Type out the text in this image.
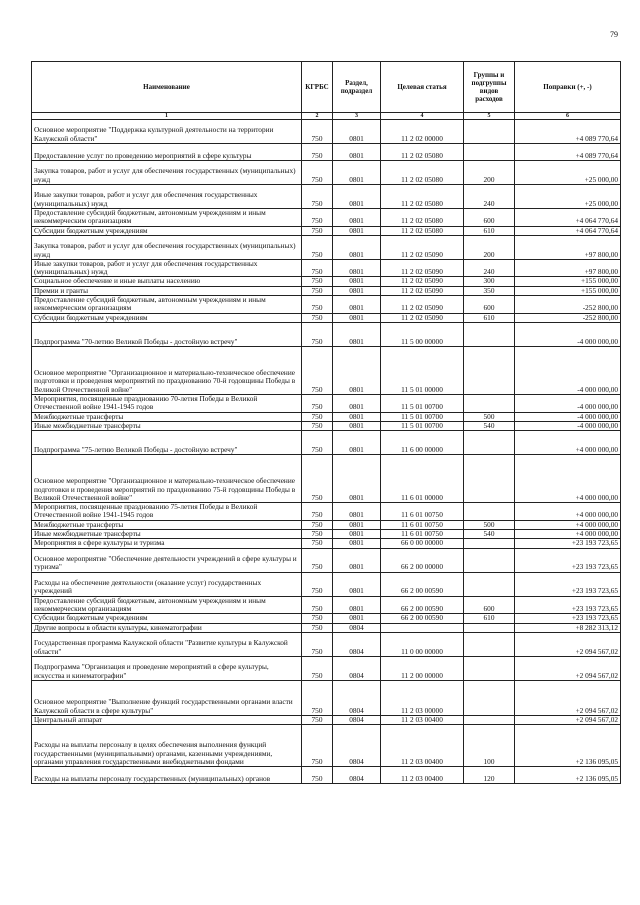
79
Наименование	КГРБС	Раздел, подраздел	Целевая статья	Группы и подгруппы видов расходов	Поправки (+, -)
1	2	3	4	5	6
Основное мероприятие "Поддержка культурной деятельности на территории Калужской области"	750	0801	11 2 02 00000		+4 089 770,64
Предоставление услуг по проведению мероприятий в сфере культуры	750	0801	11 2 02 05080		+4 089 770,64
Закупка товаров, работ и услуг для обеспечения государственных (муниципальных) нужд	750	0801	11 2 02 05080	200	+25 000,00
Иные закупки товаров, работ и услуг для обеспечения государственных (муниципальных) нужд	750	0801	11 2 02 05080	240	+25 000,00
Предоставление субсидий бюджетным, автономным учреждениям и иным некоммерческим организациям	750	0801	11 2 02 05080	600	+4 064 770,64
Субсидии бюджетным учреждениям	750	0801	11 2 02 05080	610	+4 064 770,64
Закупка товаров, работ и услуг для обеспечения государственных (муниципальных) нужд	750	0801	11 2 02 05090	200	+97 800,00
Иные закупки товаров, работ и услуг для обеспечения государственных (муниципальных) нужд	750	0801	11 2 02 05090	240	+97 800,00
Социальное обеспечение и иные выплаты населению	750	0801	11 2 02 05090	300	+155 000,00
Премии и гранты	750	0801	11 2 02 05090	350	+155 000,00
Предоставление субсидий бюджетным, автономным учреждениям и иным некоммерческим организациям	750	0801	11 2 02 05090	600	-252 800,00
Субсидии бюджетным учреждениям	750	0801	11 2 02 05090	610	-252 800,00
Подпрограмма "70-летию Великой Победы - достойную встречу"	750	0801	11 5 00 00000		-4 000 000,00
Основное мероприятие "Организационное и материально-техническое обеспечение подготовки и проведения мероприятий по празднованию 70-й годовщины Победы в Великой Отечественной войне"	750	0801	11 5 01 00000		-4 000 000,00
Мероприятия, посвященные празднованию 70-летия Победы в Великой Отечественной войне 1941-1945 годов	750	0801	11 5 01 00700		-4 000 000,00
Межбюджетные трансферты	750	0801	11 5 01 00700	500	-4 000 000,00
Иные межбюджетные трансферты	750	0801	11 5 01 00700	540	-4 000 000,00
Подпрограмма "75-летию Великой Победы - достойную встречу"	750	0801	11 6 00 00000		+4 000 000,00
Основное мероприятие "Организационное и материально-техническое обеспечение подготовки и проведения мероприятий по празднованию 75-й годовщины Победы в Великой Отечественной войне"	750	0801	11 6 01 00000		+4 000 000,00
Мероприятия, посвященные празднованию 75-летия Победы в Великой Отечественной войне 1941-1945 годов	750	0801	11 6 01 00750		+4 000 000,00
Межбюджетные трансферты	750	0801	11 6 01 00750	500	+4 000 000,00
Иные межбюджетные трансферты	750	0801	11 6 01 00750	540	+4 000 000,00
Мероприятия в сфере культуры и туризма	750	0801	66 0 00 00000		+23 193 723,65
Основное мероприятие "Обеспечение деятельности учреждений в сфере культуры и туризма"	750	0801	66 2 00 00000		+23 193 723,65
Расходы на обеспечение деятельности (оказание услуг) государственных учреждений	750	0801	66 2 00 00590		+23 193 723,65
Предоставление субсидий бюджетным, автономным учреждениям и иным некоммерческим организациям	750	0801	66 2 00 00590	600	+23 193 723,65
Субсидии бюджетным учреждениям	750	0801	66 2 00 00590	610	+23 193 723,65
Другие вопросы в области культуры, кинематографии	750	0804			+8 282 313,12
Государственная программа Калужской области "Развитие культуры в Калужской области"	750	0804	11 0 00 00000		+2 094 567,02
Подпрограмма "Организация и проведение мероприятий в сфере культуры, искусства и кинематографии"	750	0804	11 2 00 00000		+2 094 567,02
Основное мероприятие "Выполнение функций государственными органами власти Калужской области в сфере культуры"	750	0804	11 2 03 00000		+2 094 567,02
Центральный аппарат	750	0804	11 2 03 00400		+2 094 567,02
Расходы на выплаты персоналу в целях обеспечения выполнения функций государственными (муниципальными) органами, казенными учреждениями, органами управления государственными внебюджетными фондами	750	0804	11 2 03 00400	100	+2 136 095,05
Расходы на выплаты персоналу государственных (муниципальных) органов	750	0804	11 2 03 00400	120	+2 136 095,05
